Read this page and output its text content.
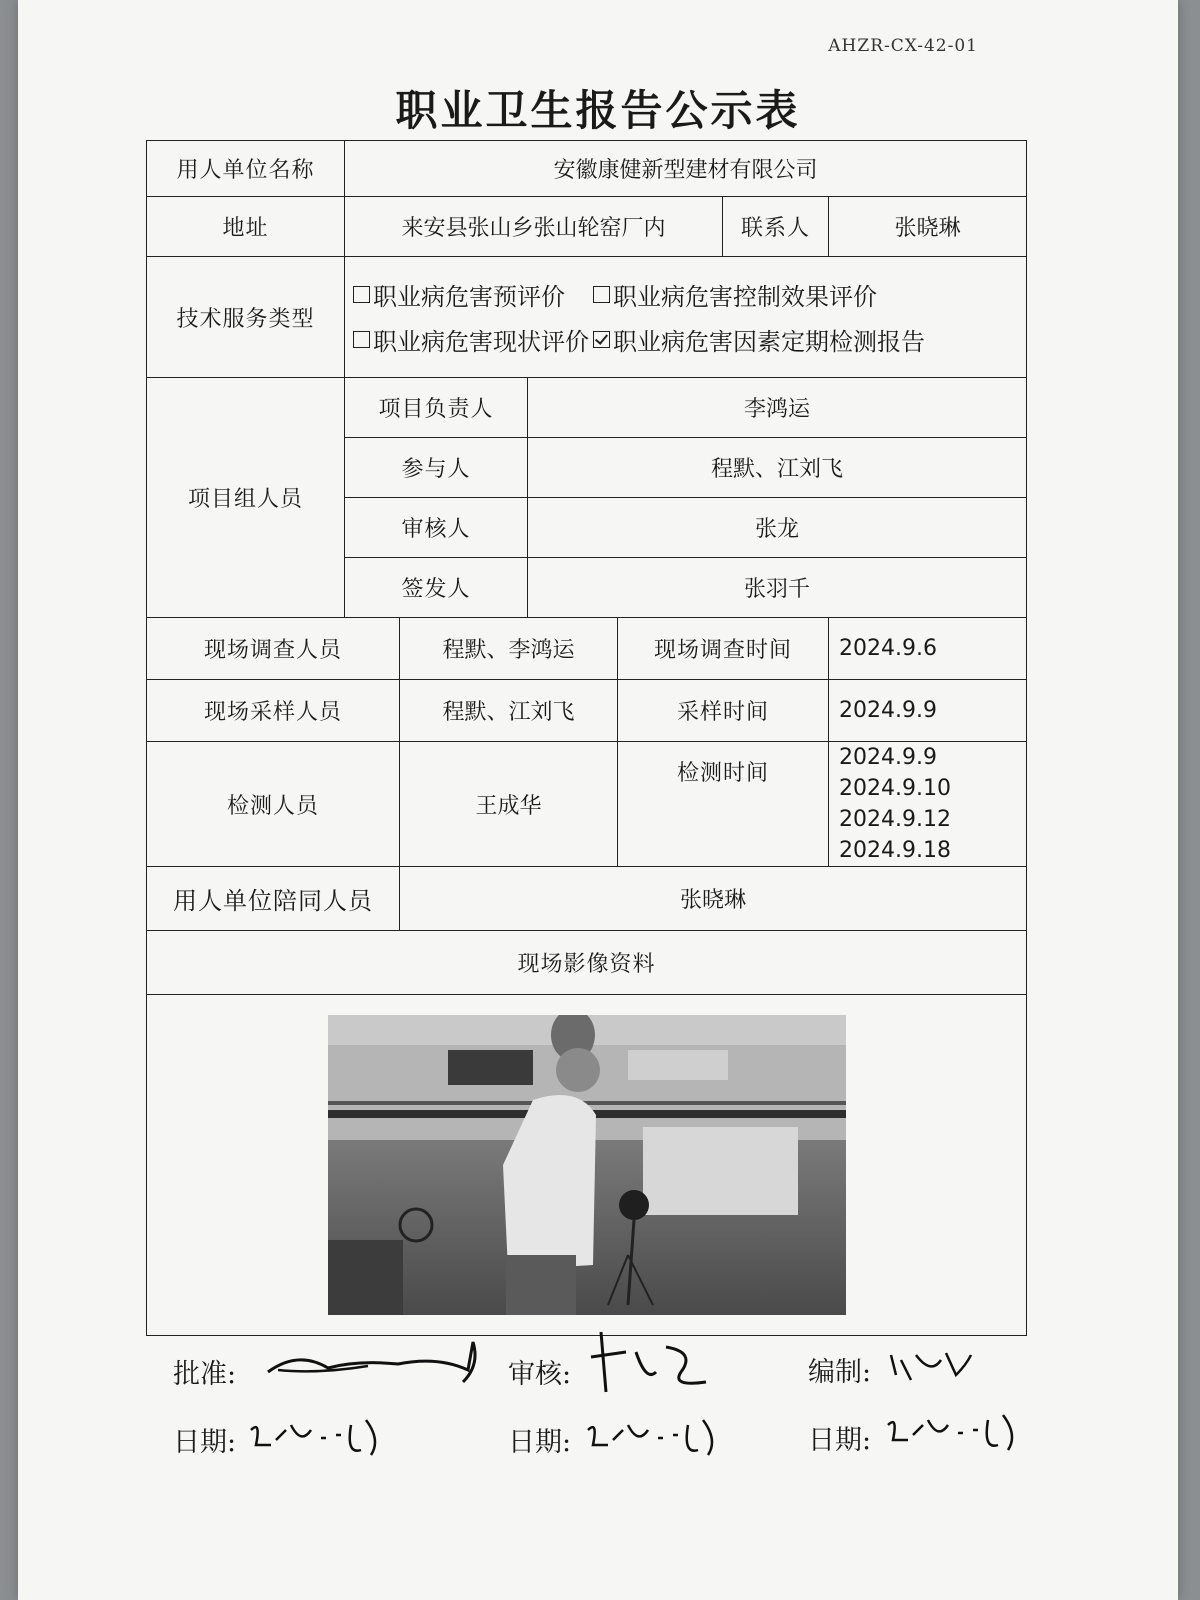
AHZR-CX-42-01
职业卫生报告公示表
用人单位名称	安徽康健新型建材有限公司					
地址	来安县张山乡张山轮窑厂内				联系人	张晓琳
技术服务类型	职业病危害预评价 职业病危害控制效果评价
职业病危害现状评价 职业病危害因素定期检测报告					

项目组人员	项目负责人		李鸿运			
	参与人		程默、江刘飞			
	审核人		张龙			
	签发人		张羽千			
现场调查人员		程默、李鸿运		现场调查时间		2024.9.6
现场采样人员		程默、江刘飞		采样时间		2024.9.9
检测人员		王成华		检测时间		2024.9.9
2024.9.10
2024.9.12
2024.9.18

用人单位陪同人员		张晓琳				
现场影像资料						

批准:	审核:	编制:
日期:	日期:	日期:
